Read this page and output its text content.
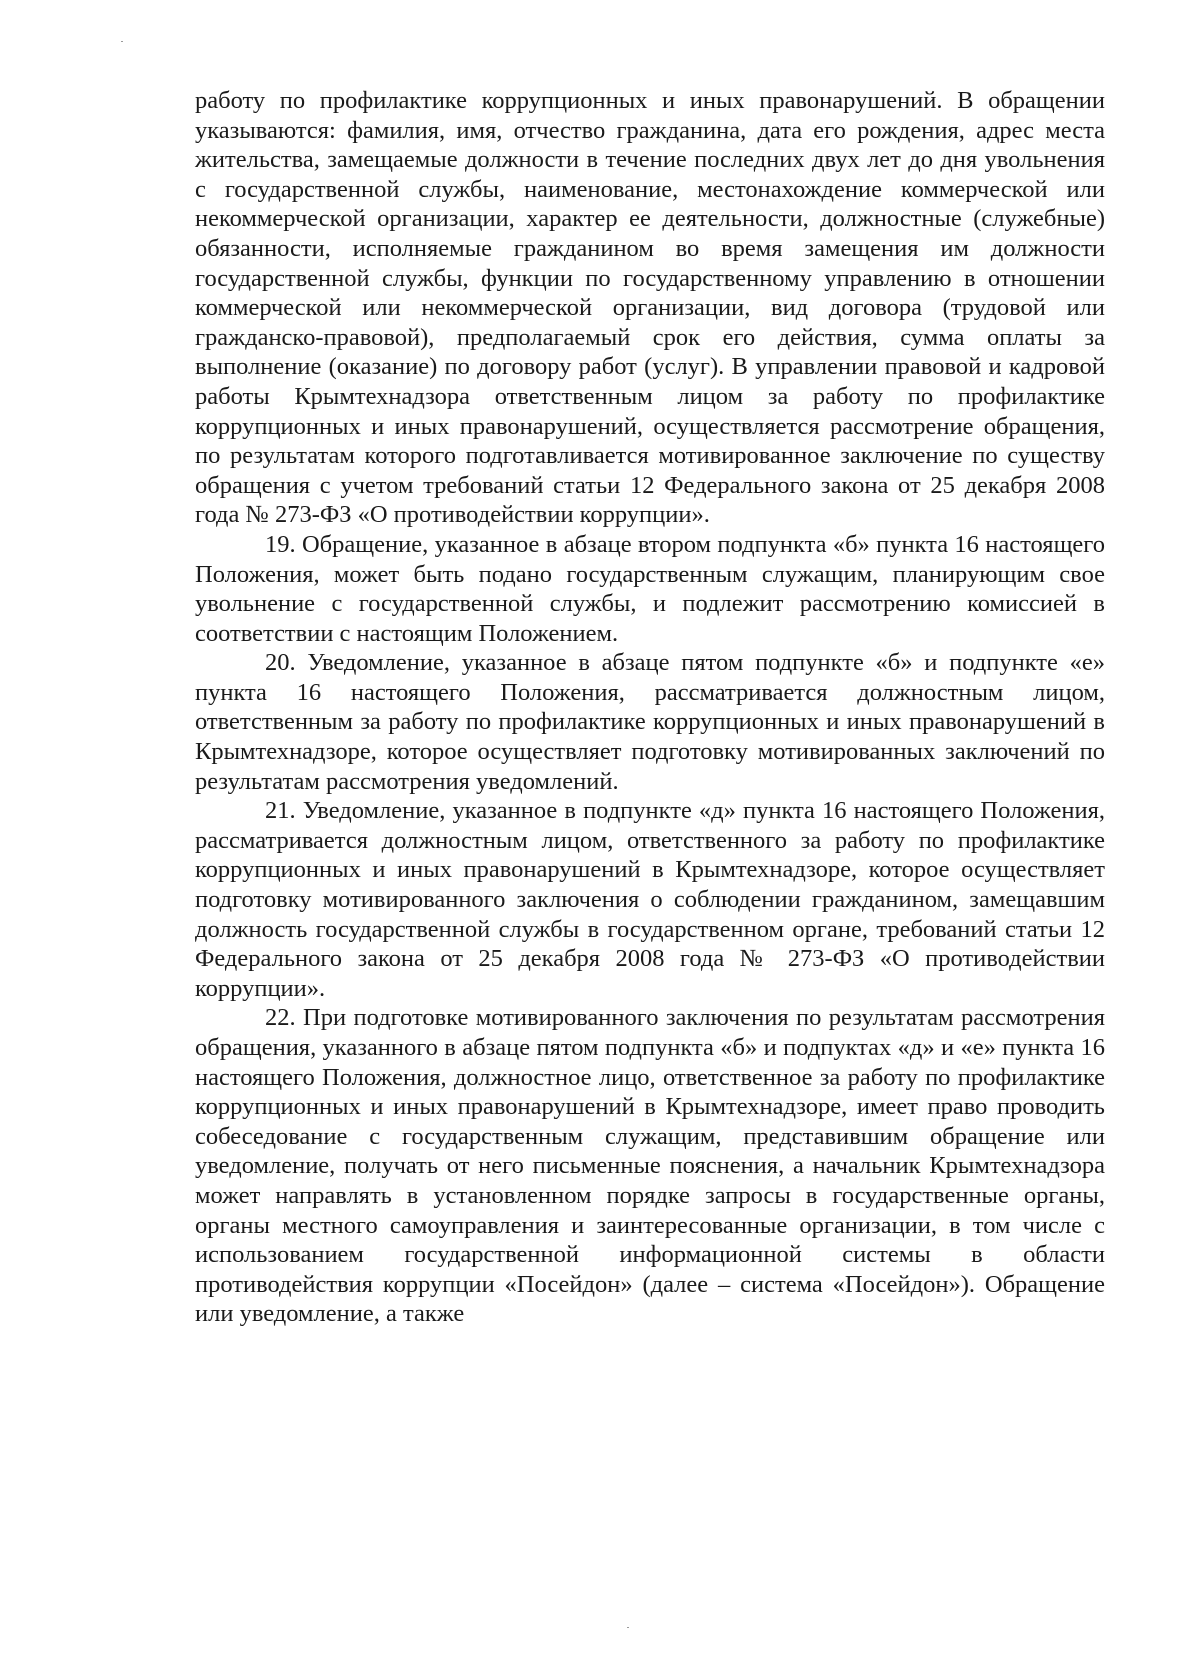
работу по профилактике коррупционных и иных правонарушений. В обращении указываются: фамилия, имя, отчество гражданина, дата его рождения, адрес места жительства, замещаемые должности в течение последних двух лет до дня увольнения с государственной службы, наименование, местонахождение коммерческой или некоммерческой организации, характер ее деятельности, должностные (служебные) обязанности, исполняемые гражданином во время замещения им должности государственной службы, функции по государственному управлению в отношении коммерческой или некоммерческой организации, вид договора (трудовой или гражданско-правовой), предполагаемый срок его действия, сумма оплаты за выполнение (оказание) по договору работ (услуг). В управлении правовой и кадровой работы Крымтехнадзора ответственным лицом за работу по профилактике коррупционных и иных правонарушений, осуществляется рассмотрение обращения, по результатам которого подготавливается мотивированное заключение по существу обращения с учетом требований статьи 12 Федерального закона от 25 декабря 2008 года № 273-ФЗ «О противодействии коррупции».

19. Обращение, указанное в абзаце втором подпункта «б» пункта 16 настоящего Положения, может быть подано государственным служащим, планирующим свое увольнение с государственной службы, и подлежит рассмотрению комиссией в соответствии с настоящим Положением.

20. Уведомление, указанное в абзаце пятом подпункте «б» и подпункте «е» пункта 16 настоящего Положения, рассматривается должностным лицом, ответственным за работу по профилактике коррупционных и иных правонарушений в Крымтехнадзоре, которое осуществляет подготовку мотивированных заключений по результатам рассмотрения уведомлений.

21. Уведомление, указанное в подпункте «д» пункта 16 настоящего Положения, рассматривается должностным лицом, ответственного за работу по профилактике коррупционных и иных правонарушений в Крымтехнадзоре, которое осуществляет подготовку мотивированного заключения о соблюдении гражданином, замещавшим должность государственной службы в государственном органе, требований статьи 12 Федерального закона от 25 декабря 2008 года № 273-ФЗ «О противодействии коррупции».

22. При подготовке мотивированного заключения по результатам рассмотрения обращения, указанного в абзаце пятом подпункта «б» и подпуктах «д» и «е» пункта 16 настоящего Положения, должностное лицо, ответственное за работу по профилактике коррупционных и иных правонарушений в Крымтехнадзоре, имеет право проводить собеседование с государственным служащим, представившим обращение или уведомление, получать от него письменные пояснения, а начальник Крымтехнадзора может направлять в установленном порядке запросы в государственные органы, органы местного самоуправления и заинтересованные организации, в том числе с использованием государственной информационной системы в области противодействия коррупции «Посейдон» (далее – система «Посейдон»). Обращение или уведомление, а также
